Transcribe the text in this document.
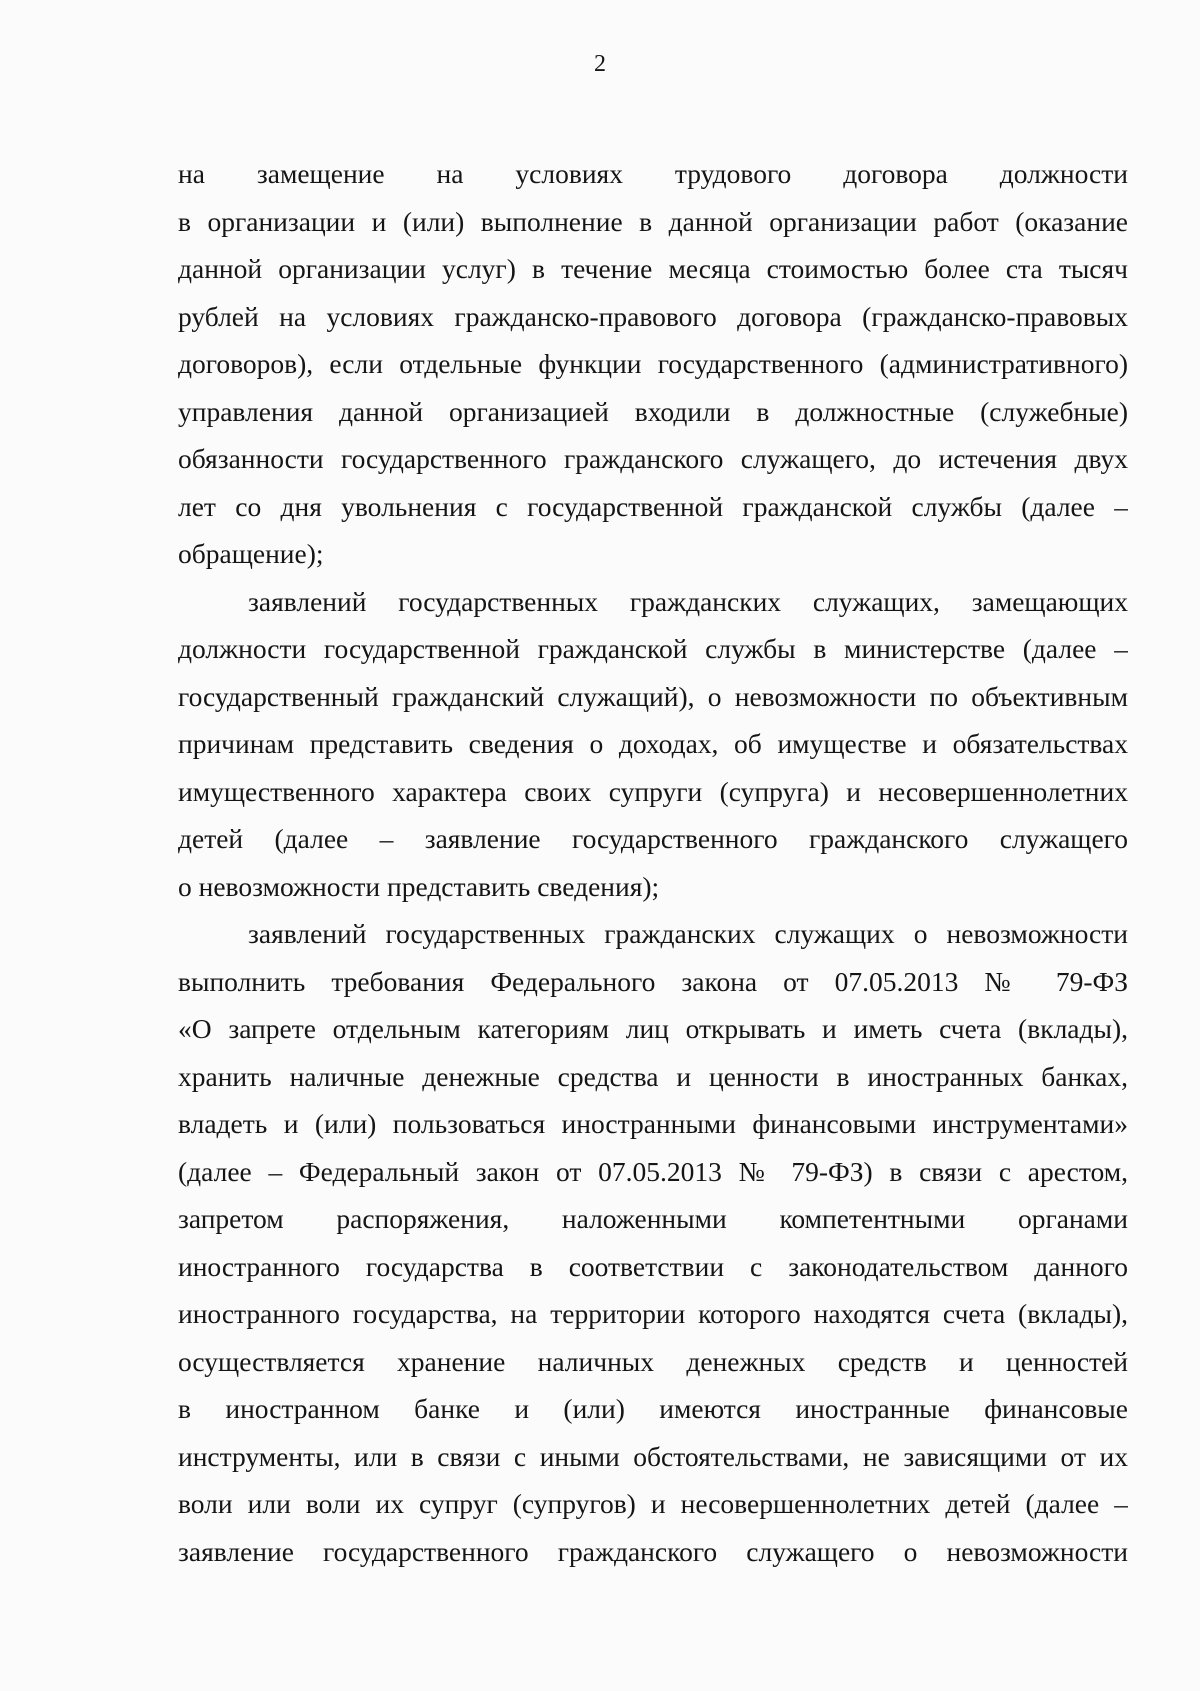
2
на замещение на условиях трудового договора должности
в организации и (или) выполнение в данной организации работ (оказание
данной организации услуг) в течение месяца стоимостью более ста тысяч
рублей на условиях гражданско-правового договора (гражданско-правовых
договоров), если отдельные функции государственного (административного)
управления данной организацией входили в должностные (служебные)
обязанности государственного гражданского служащего, до истечения двух
лет со дня увольнения с государственной гражданской службы (далее –
обращение);
заявлений государственных гражданских служащих, замещающих
должности государственной гражданской службы в министерстве (далее –
государственный гражданский служащий), о невозможности по объективным
причинам представить сведения о доходах, об имуществе и обязательствах
имущественного характера своих супруги (супруга) и несовершеннолетних
детей (далее – заявление государственного гражданского служащего
о невозможности представить сведения);
заявлений государственных гражданских служащих о невозможности
выполнить требования Федерального закона от 07.05.2013 № 79-ФЗ
«О запрете отдельным категориям лиц открывать и иметь счета (вклады),
хранить наличные денежные средства и ценности в иностранных банках,
владеть и (или) пользоваться иностранными финансовыми инструментами»
(далее – Федеральный закон от 07.05.2013 № 79-ФЗ) в связи с арестом,
запретом распоряжения, наложенными компетентными органами
иностранного государства в соответствии с законодательством данного
иностранного государства, на территории которого находятся счета (вклады),
осуществляется хранение наличных денежных средств и ценностей
в иностранном банке и (или) имеются иностранные финансовые
инструменты, или в связи с иными обстоятельствами, не зависящими от их
воли или воли их супруг (супругов) и несовершеннолетних детей (далее –
заявление государственного гражданского служащего о невозможности
